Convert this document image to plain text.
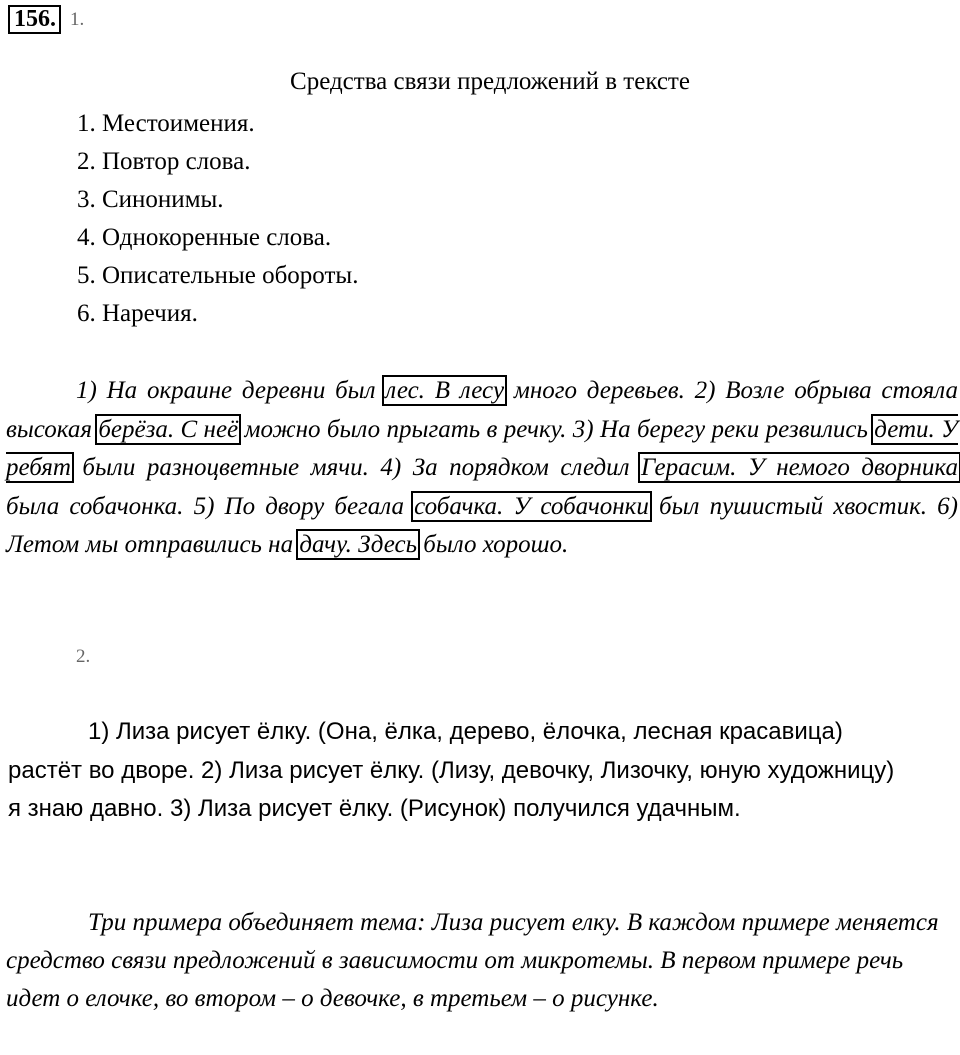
156. 1.
Средства связи предложений в тексте
1. Местоимения.
2. Повтор слова.
3. Синонимы.
4. Однокоренные слова.
5. Описательные обороты.
6. Наречия.

1) На окраине деревни был лес. В лесу много деревьев. 2) Возле обрыва стояла высокая берёза. С неё можно было прыгать в речку. 3) На берегу реки резвились дети. У ребят были разноцветные мячи. 4) За порядком следил Герасим. У немого дворника была собачонка. 5) По двору бегала собачка. У собачонки был пушистый хвостик. 6) Летом мы отправились на дачу. Здесь было хорошо.

2.

1) Лиза рисует ёлку. (Она, ёлка, дерево, ёлочка, лесная красавица) растёт во дворе. 2) Лиза рисует ёлку. (Лизу, девочку, Лизочку, юную художницу) я знаю давно. 3) Лиза рисует ёлку. (Рисунок) получился удачным.

Три примера объединяет тема: Лиза рисует елку. В каждом примере меняется средство связи предложений в зависимости от микротемы. В первом примере речь идет о елочке, во втором – о девочке, в третьем – о рисунке.
